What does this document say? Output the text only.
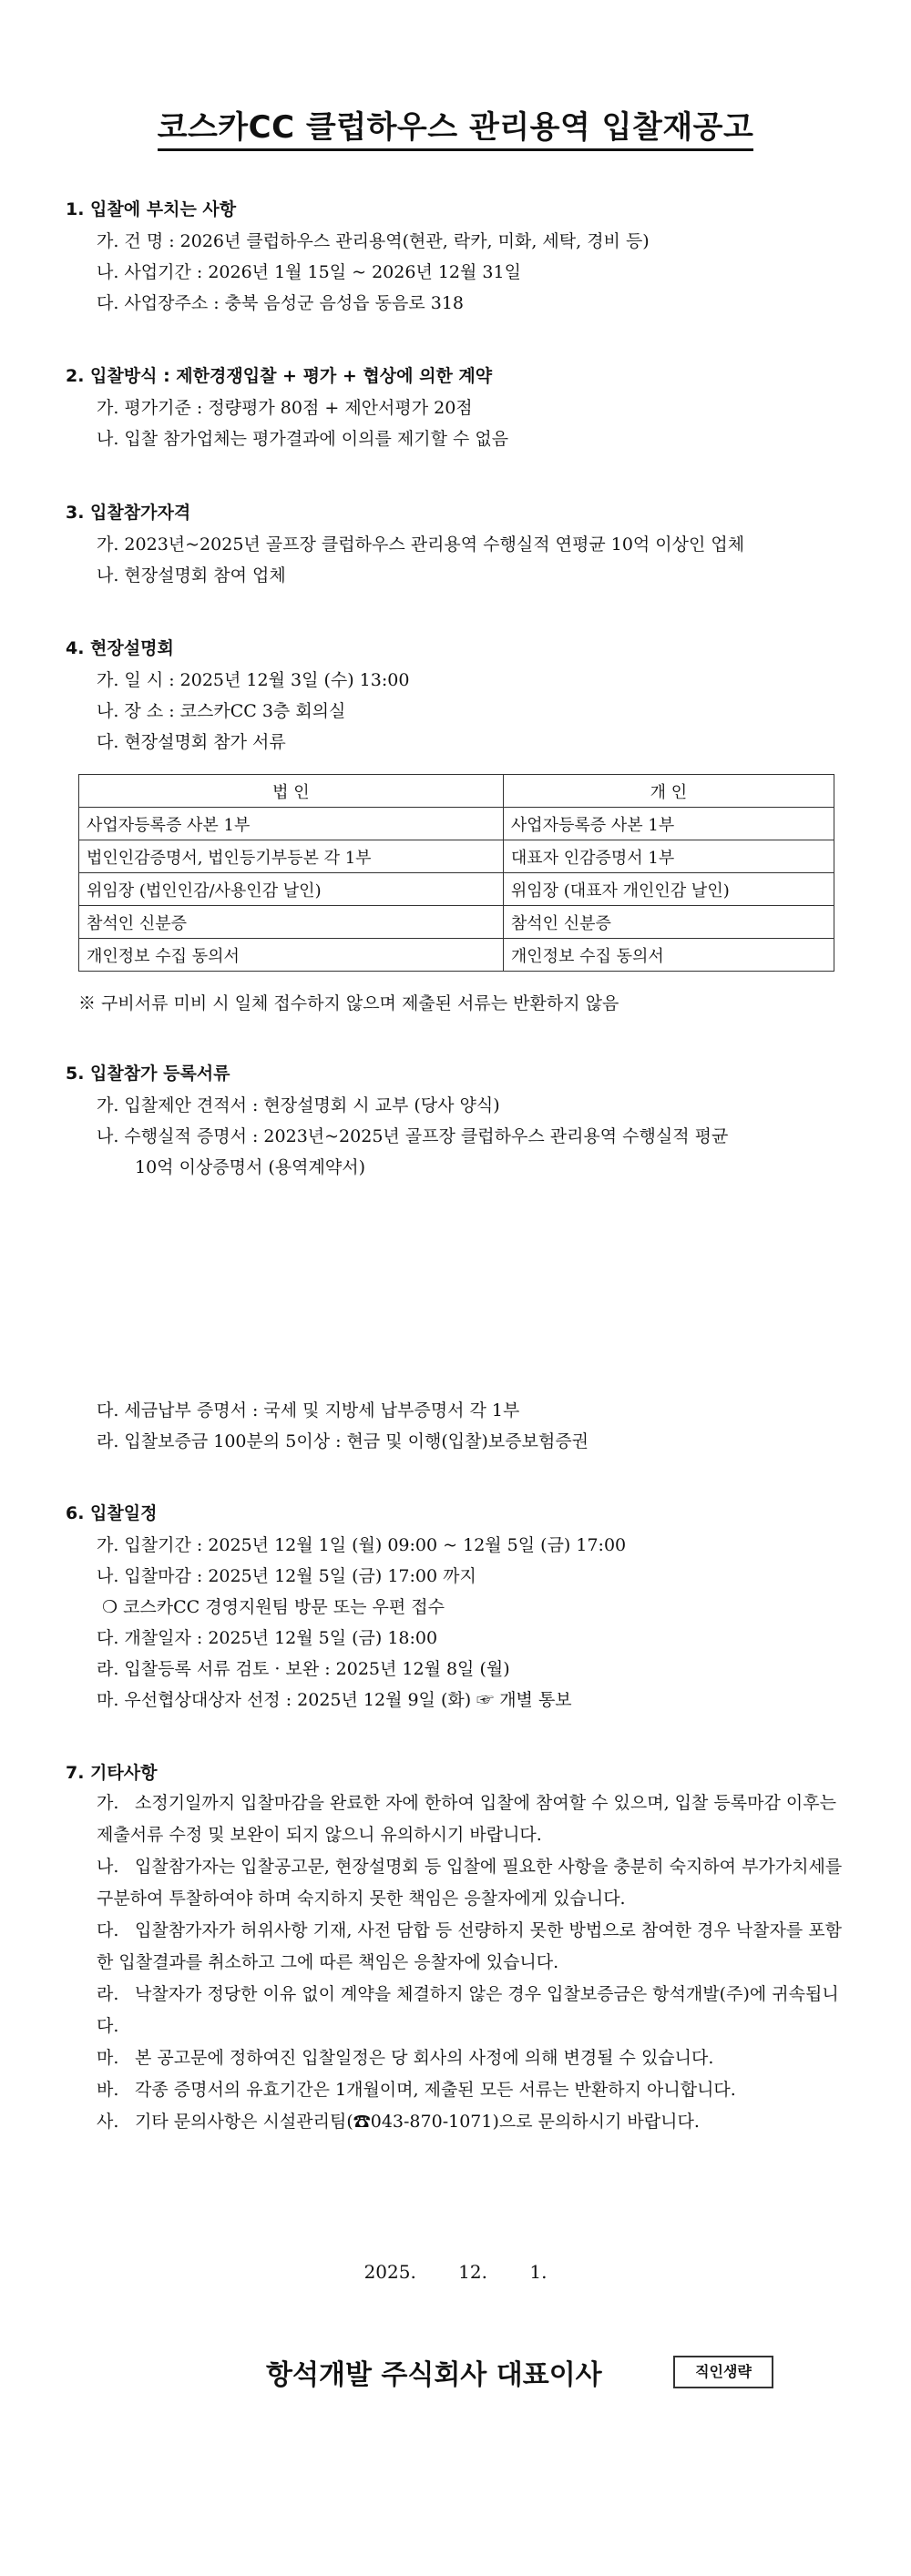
코스카CC 클럽하우스 관리용역 입찰재공고
1. 입찰에 부치는 사항
가. 건 명 : 2026년 클럽하우스 관리용역(현관, 락카, 미화, 세탁, 경비 등)
나. 사업기간 : 2026년 1월 15일 ~ 2026년 12월 31일
다. 사업장주소 : 충북 음성군 음성읍 동음로 318
2. 입찰방식 : 제한경쟁입찰 + 평가 + 협상에 의한 계약
가. 평가기준 : 정량평가 80점 + 제안서평가 20점
나. 입찰 참가업체는 평가결과에 이의를 제기할 수 없음
3. 입찰참가자격
가. 2023년~2025년 골프장 클럽하우스 관리용역 수행실적 연평균 10억 이상인 업체
나. 현장설명회 참여 업체
4. 현장설명회
가. 일 시 : 2025년 12월 3일 (수) 13:00
나. 장 소 : 코스카CC 3층 회의실
다. 현장설명회 참가 서류
법 인	개 인
사업자등록증 사본 1부	사업자등록증 사본 1부
법인인감증명서, 법인등기부등본 각 1부	대표자 인감증명서 1부
위임장 (법인인감/사용인감 날인)	위임장 (대표자 개인인감 날인)
참석인 신분증	참석인 신분증
개인정보 수집 동의서	개인정보 수집 동의서
※ 구비서류 미비 시 일체 접수하지 않으며 제출된 서류는 반환하지 않음
5. 입찰참가 등록서류
가. 입찰제안 견적서 : 현장설명회 시 교부 (당사 양식)
나. 수행실적 증명서 : 2023년~2025년 골프장 클럽하우스 관리용역 수행실적 평균
10억 이상증명서 (용역계약서)
다. 세금납부 증명서 : 국세 및 지방세 납부증명서 각 1부
라. 입찰보증금 100분의 5이상 : 현금 및 이행(입찰)보증보험증권
6. 입찰일정
가. 입찰기간 : 2025년 12월 1일 (월) 09:00 ~ 12월 5일 (금) 17:00
나. 입찰마감 : 2025년 12월 5일 (금) 17:00 까지
❍ 코스카CC 경영지원팀 방문 또는 우편 접수
다. 개찰일자 : 2025년 12월 5일 (금) 18:00
라. 입찰등록 서류 검토 · 보완 : 2025년 12월 8일 (월)
마. 우선협상대상자 선정 : 2025년 12월 9일 (화) ☞ 개별 통보
7. 기타사항
가. 소정기일까지 입찰마감을 완료한 자에 한하여 입찰에 참여할 수 있으며, 입찰 등록마감 이후는 제출서류 수정 및 보완이 되지 않으니 유의하시기 바랍니다.
나. 입찰참가자는 입찰공고문, 현장설명회 등 입찰에 필요한 사항을 충분히 숙지하여 부가가치세를 구분하여 투찰하여야 하며 숙지하지 못한 책임은 응찰자에게 있습니다.
다. 입찰참가자가 허위사항 기재, 사전 담합 등 선량하지 못한 방법으로 참여한 경우 낙찰자를 포함한 입찰결과를 취소하고 그에 따른 책임은 응찰자에 있습니다.
라. 낙찰자가 정당한 이유 없이 계약을 체결하지 않은 경우 입찰보증금은 항석개발(주)에 귀속됩니다.
마. 본 공고문에 정하여진 입찰일정은 당 회사의 사정에 의해 변경될 수 있습니다.
바. 각종 증명서의 유효기간은 1개월이며, 제출된 모든 서류는 반환하지 아니합니다.
사. 기타 문의사항은 시설관리팀(☎043-870-1071)으로 문의하시기 바랍니다.
2025. 12. 1.
항석개발 주식회사 대표이사	직인생략
